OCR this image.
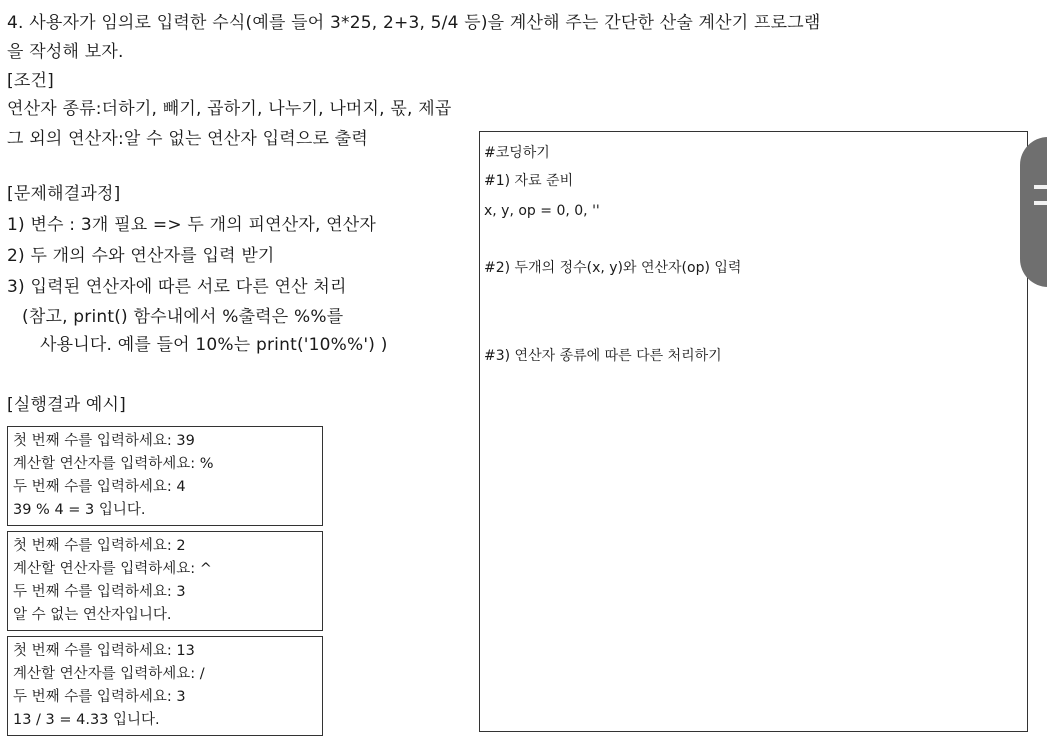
4. 사용자가 임의로 입력한 수식(예를 들어 3*25, 2+3, 5/4 등)을 계산해 주는 간단한 산술 계산기 프로그램
을 작성해 보자.
[조건]
연산자 종류:더하기, 빼기, 곱하기, 나누기, 나머지, 몫, 제곱
그 외의 연산자:알 수 없는 연산자 입력으로 출력
[문제해결과정]
1) 변수 : 3개 필요 => 두 개의 피연산자, 연산자
2) 두 개의 수와 연산자를 입력 받기
3) 입력된 연산자에 따른 서로 다른 연산 처리
(참고, print() 함수내에서 %출력은 %%를
사용니다. 예를 들어 10%는 print('10%%') )
[실행결과 예시]
첫 번째 수를 입력하세요: 39
계산할 연산자를 입력하세요: %
두 번째 수를 입력하세요: 4
39 % 4 = 3 입니다.
첫 번째 수를 입력하세요: 2
계산할 연산자를 입력하세요: ^
두 번째 수를 입력하세요: 3
알 수 없는 연산자입니다.
첫 번째 수를 입력하세요: 13
계산할 연산자를 입력하세요: /
두 번째 수를 입력하세요: 3
13 / 3 = 4.33 입니다.
#코딩하기
#1) 자료 준비
x, y, op = 0, 0, ''
#2) 두개의 정수(x, y)와 연산자(op) 입력
#3) 연산자 종류에 따른 다른 처리하기
